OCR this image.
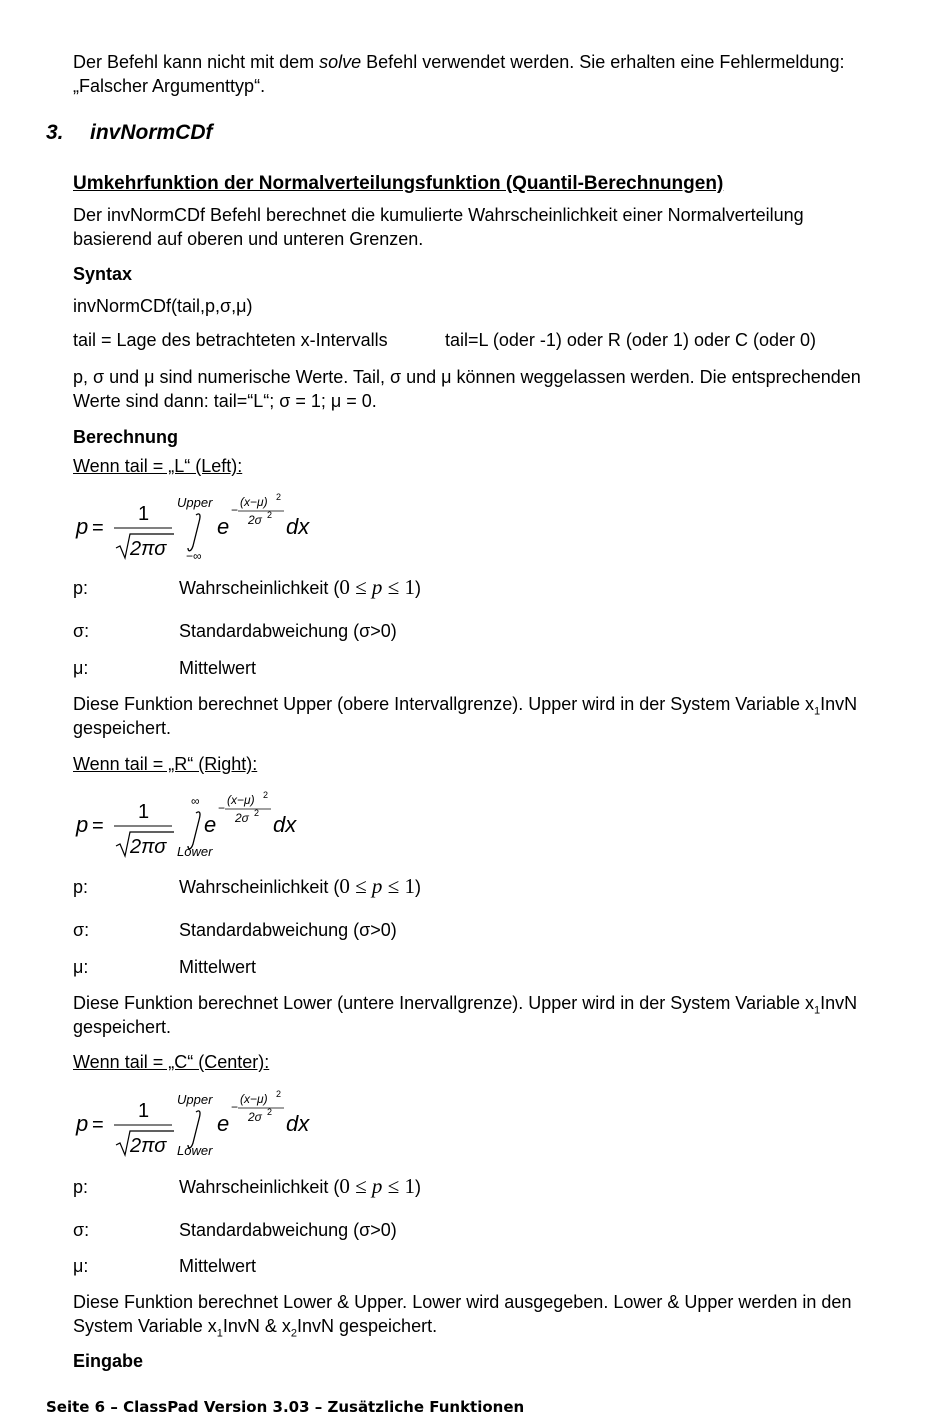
Der Befehl kann nicht mit dem solve Befehl verwendet werden. Sie erhalten eine Fehlermeldung:
„Falscher Argumenttyp“.
3. invNormCDf
Umkehrfunktion der Normalverteilungsfunktion (Quantil-Berechnungen)
Der invNormCDf Befehl berechnet die kumulierte Wahrscheinlichkeit einer Normalverteilung
basierend auf oberen und unteren Grenzen.
Syntax
invNormCDf(tail,p,σ,μ)
tail = Lage des betrachteten x-Intervalls	tail=L (oder -1) oder R (oder 1) oder C (oder 0)
p, σ und μ sind numerische Werte. Tail, σ und μ können weggelassen werden. Die entsprechenden
Werte sind dann: tail=“L“; σ = 1; μ = 0.
Berechnung
Wenn tail = „L“ (Left):
p =
1
2πσ
Upper
−∞
e
−
(x−μ) 2
2σ 2 dx
p:	Wahrscheinlichkeit (0 ≤ p ≤ 1)
σ:	Standardabweichung (σ>0)
μ:	Mittelwert
Diese Funktion berechnet Upper (obere Intervallgrenze). Upper wird in der System Variable $x_1InvN$
gespeichert.
Wenn tail = „R“ (Right):
p =
1
2πσ
∞
Lower
e
−
(x−μ) 2
2σ 2 dx
p:	Wahrscheinlichkeit (0 ≤ p ≤ 1)
σ:	Standardabweichung (σ>0)
μ:	Mittelwert
Diese Funktion berechnet Lower (untere Inervallgrenze). Upper wird in der System Variable $x_1InvN$
gespeichert.
Wenn tail = „C“ (Center):
p =
1
2πσ
Upper
Lower
e
−
(x−μ) 2
2σ 2 dx
p:	Wahrscheinlichkeit (0 ≤ p ≤ 1)
σ:	Standardabweichung (σ>0)
μ:	Mittelwert
Diese Funktion berechnet Lower & Upper. Lower wird ausgegeben. Lower & Upper werden in den
System Variable $x_1InvN$ & $x_2InvN$ gespeichert.
Eingabe
Seite 6 – ClassPad Version 3.03 – Zusätzliche Funktionen
